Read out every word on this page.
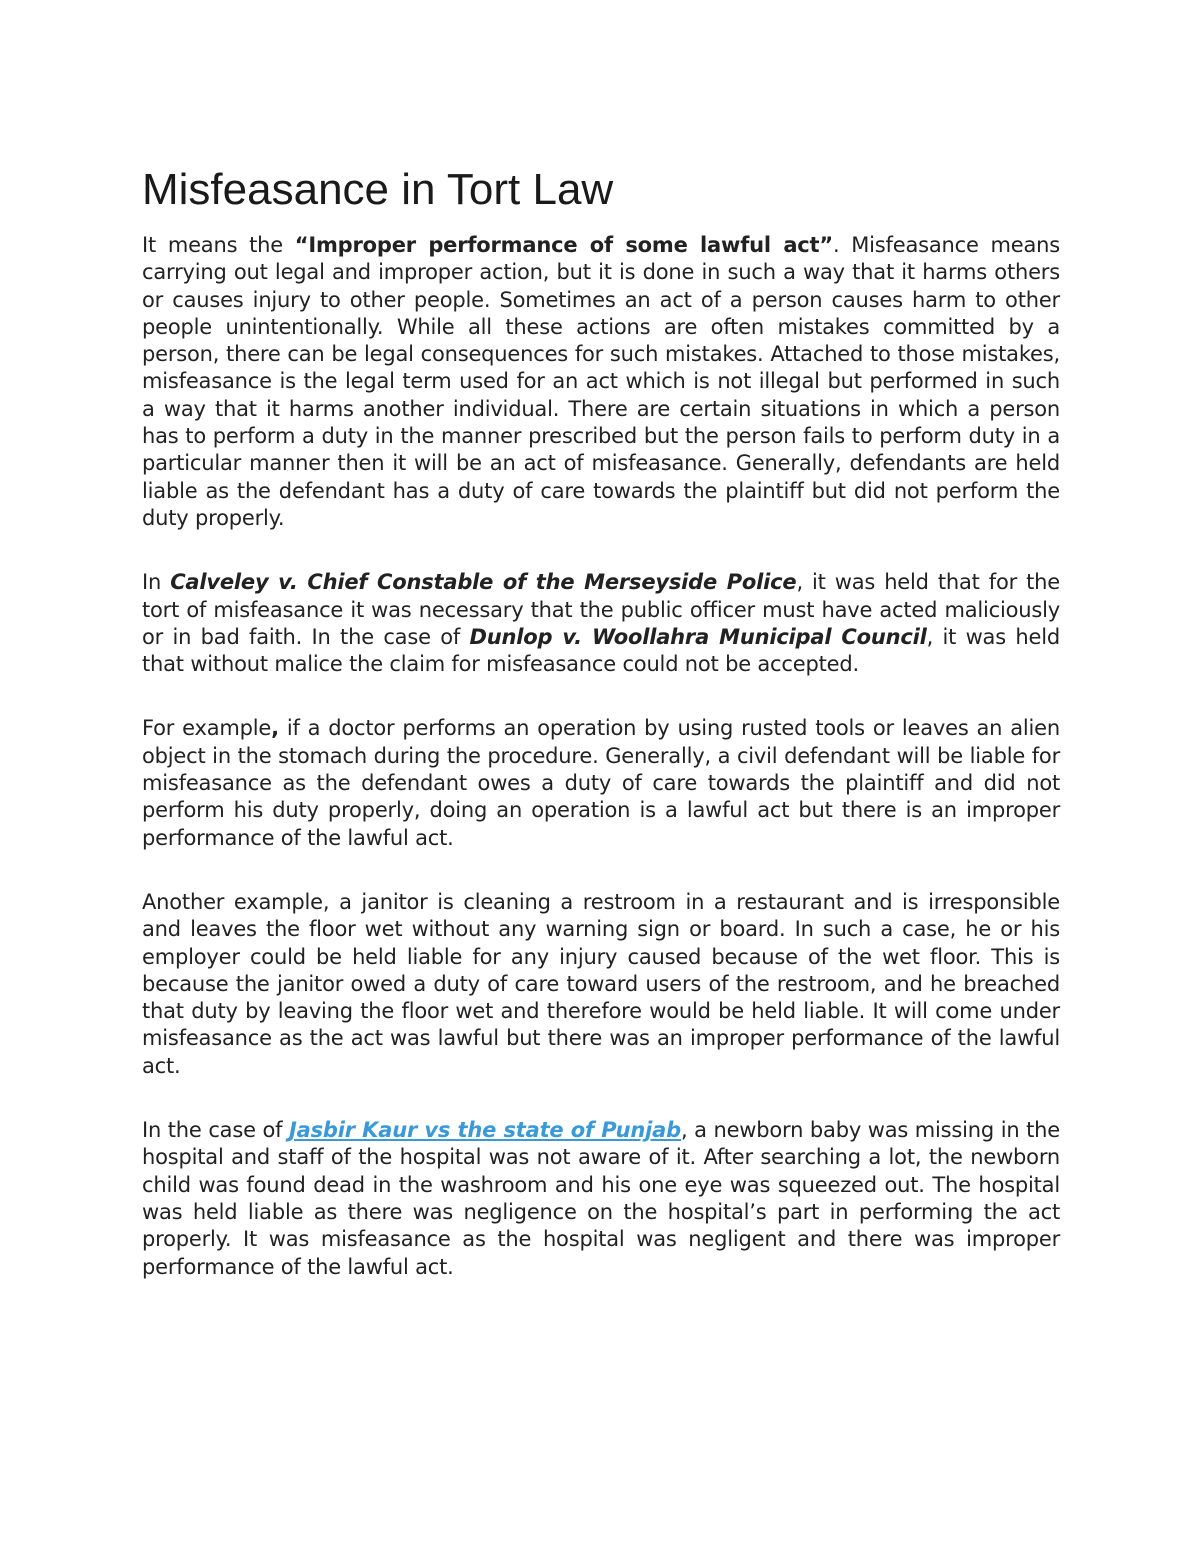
Misfeasance in Tort Law

It means the “Improper performance of some lawful act”. Misfeasance means carrying out legal and improper action, but it is done in such a way that it harms others or causes injury to other people. Sometimes an act of a person causes harm to other people unintentionally. While all these actions are often mistakes committed by a person, there can be legal consequences for such mistakes. Attached to those mistakes, misfeasance is the legal term used for an act which is not illegal but performed in such a way that it harms another individual. There are certain situations in which a person has to perform a duty in the manner prescribed but the person fails to perform duty in a particular manner then it will be an act of misfeasance. Generally, defendants are held liable as the defendant has a duty of care towards the plaintiff but did not perform the duty properly.

In Calveley v. Chief Constable of the Merseyside Police, it was held that for the tort of misfeasance it was necessary that the public officer must have acted maliciously or in bad faith. In the case of Dunlop v. Woollahra Municipal Council, it was held that without malice the claim for misfeasance could not be accepted.

For example, if a doctor performs an operation by using rusted tools or leaves an alien object in the stomach during the procedure. Generally, a civil defendant will be liable for misfeasance as the defendant owes a duty of care towards the plaintiff and did not perform his duty properly, doing an operation is a lawful act but there is an improper performance of the lawful act.

Another example, a janitor is cleaning a restroom in a restaurant and is irresponsible and leaves the floor wet without any warning sign or board. In such a case, he or his employer could be held liable for any injury caused because of the wet floor. This is because the janitor owed a duty of care toward users of the restroom, and he breached that duty by leaving the floor wet and therefore would be held liable. It will come under misfeasance as the act was lawful but there was an improper performance of the lawful act.

In the case of Jasbir Kaur vs the state of Punjab, a newborn baby was missing in the hospital and staff of the hospital was not aware of it. After searching a lot, the newborn child was found dead in the washroom and his one eye was squeezed out. The hospital was held liable as there was negligence on the hospital’s part in performing the act properly. It was misfeasance as the hospital was negligent and there was improper performance of the lawful act.
